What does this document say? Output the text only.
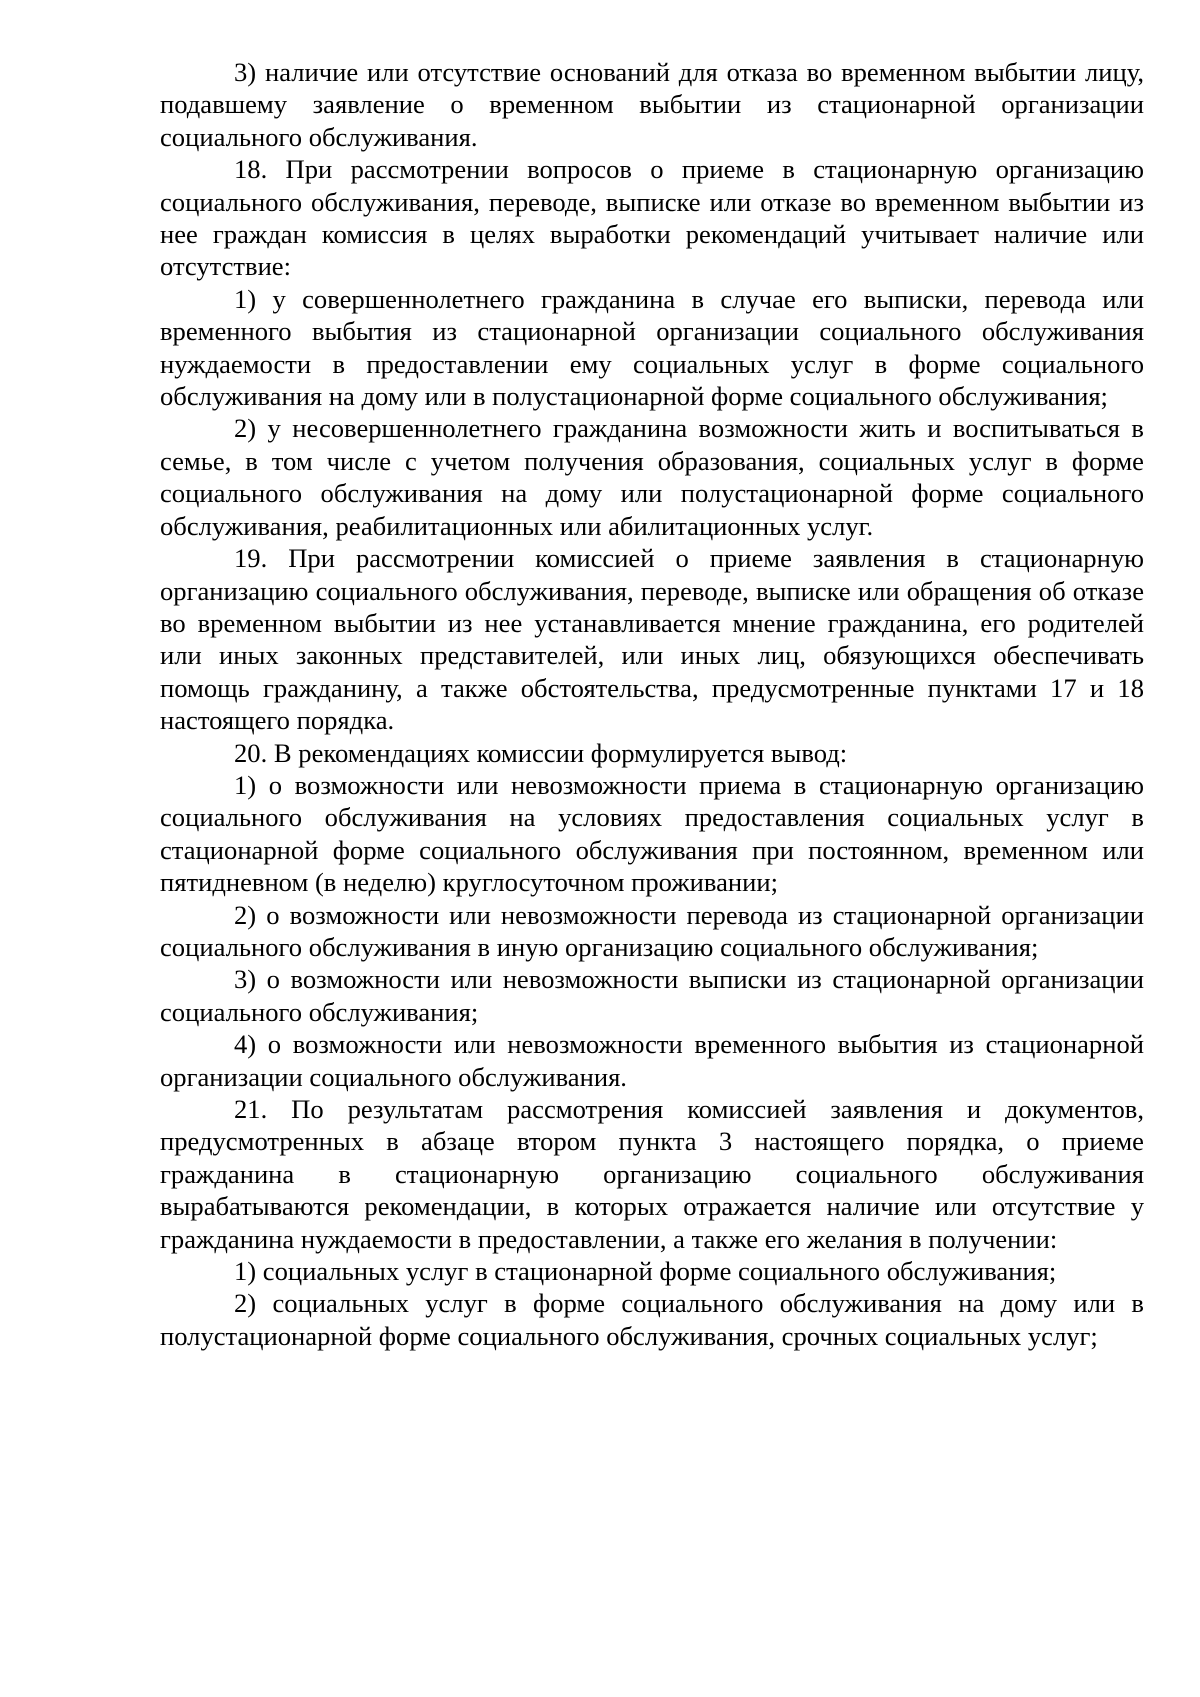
3) наличие или отсутствие оснований для отказа во временном выбытии лицу, подавшему заявление о временном выбытии из стационарной организации социального обслуживания.

18. При рассмотрении вопросов о приеме в стационарную организацию социального обслуживания, переводе, выписке или отказе во временном выбытии из нее граждан комиссия в целях выработки рекомендаций учитывает наличие или отсутствие:

1) у совершеннолетнего гражданина в случае его выписки, перевода или временного выбытия из стационарной организации социального обслуживания нуждаемости в предоставлении ему социальных услуг в форме социального обслуживания на дому или в полустационарной форме социального обслуживания;

2) у несовершеннолетнего гражданина возможности жить и воспитываться в семье, в том числе с учетом получения образования, социальных услуг в форме социального обслуживания на дому или полустационарной форме социального обслуживания, реабилитационных или абилитационных услуг.

19. При рассмотрении комиссией о приеме заявления в стационарную организацию социального обслуживания, переводе, выписке или обращения об отказе во временном выбытии из нее устанавливается мнение гражданина, его родителей или иных законных представителей, или иных лиц, обязующихся обеспечивать помощь гражданину, а также обстоятельства, предусмотренные пунктами 17 и 18 настоящего порядка.

20. В рекомендациях комиссии формулируется вывод:

1) о возможности или невозможности приема в стационарную организацию социального обслуживания на условиях предоставления социальных услуг в стационарной форме социального обслуживания при постоянном, временном или пятидневном (в неделю) круглосуточном проживании;

2) о возможности или невозможности перевода из стационарной организации социального обслуживания в иную организацию социального обслуживания;

3) о возможности или невозможности выписки из стационарной организации социального обслуживания;

4) о возможности или невозможности временного выбытия из стационарной организации социального обслуживания.

21. По результатам рассмотрения комиссией заявления и документов, предусмотренных в абзаце втором пункта 3 настоящего порядка, о приеме гражданина в стационарную организацию социального обслуживания вырабатываются рекомендации, в которых отражается наличие или отсутствие у гражданина нуждаемости в предоставлении, а также его желания в получении:

1) социальных услуг в стационарной форме социального обслуживания;

2) социальных услуг в форме социального обслуживания на дому или в полустационарной форме социального обслуживания, срочных социальных услуг;
